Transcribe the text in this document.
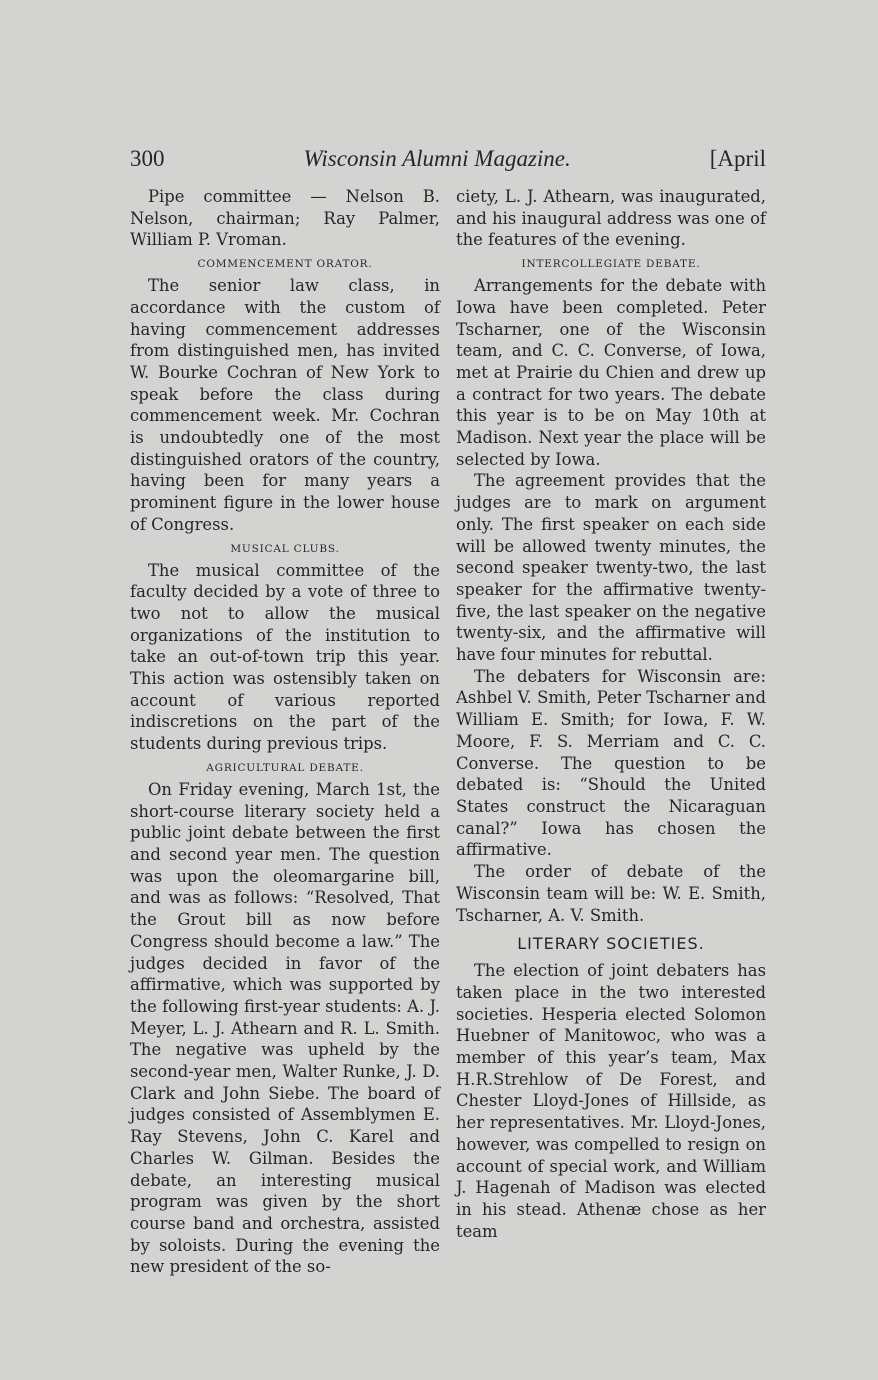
300	Wisconsin Alumni Magazine.	[April

Pipe committee — Nelson B. Nelson, chairman; Ray Palmer, William P. Vroman.

COMMENCEMENT ORATOR.

The senior law class, in accordance with the custom of having commencement addresses from distinguished men, has invited W. Bourke Cochran of New York to speak before the class during commencement week. Mr. Cochran is undoubtedly one of the most distinguished orators of the country, having been for many years a prominent figure in the lower house of Congress.

MUSICAL CLUBS.

The musical committee of the faculty decided by a vote of three to two not to allow the musical organizations of the institution to take an out-of-town trip this year. This action was ostensibly taken on account of various reported indiscretions on the part of the students during previous trips.

AGRICULTURAL DEBATE.

On Friday evening, March 1st, the short-course literary society held a public joint debate between the first and second year men. The question was upon the oleomargarine bill, and was as follows: “Resolved, That the Grout bill as now before Congress should become a law.” The judges decided in favor of the affirmative, which was supported by the following first-year students: A. J. Meyer, L. J. Athearn and R. L. Smith. The negative was upheld by the second-year men, Walter Runke, J. D. Clark and John Siebe. The board of judges consisted of Assemblymen E. Ray Stevens, John C. Karel and Charles W. Gilman. Besides the debate, an interesting musical program was given by the short course band and orchestra, assisted by soloists. During the evening the new president of the so-

ciety, L. J. Athearn, was inaugurated, and his inaugural address was one of the features of the evening.

INTERCOLLEGIATE DEBATE.

Arrangements for the debate with Iowa have been completed. Peter Tscharner, one of the Wisconsin team, and C. C. Converse, of Iowa, met at Prairie du Chien and drew up a contract for two years. The debate this year is to be on May 10th at Madison. Next year the place will be selected by Iowa.

The agreement provides that the judges are to mark on argument only. The first speaker on each side will be allowed twenty minutes, the second speaker twenty-two, the last speaker for the affirmative twenty-five, the last speaker on the negative twenty-six, and the affirmative will have four minutes for rebuttal.

The debaters for Wisconsin are: Ashbel V. Smith, Peter Tscharner and William E. Smith; for Iowa, F. W. Moore, F. S. Merriam and C. C. Converse. The question to be debated is: “Should the United States construct the Nicaraguan canal?” Iowa has chosen the affirmative.

The order of debate of the Wisconsin team will be: W. E. Smith, Tscharner, A. V. Smith.

LITERARY SOCIETIES.

The election of joint debaters has taken place in the two interested societies. Hesperia elected Solomon Huebner of Manitowoc, who was a member of this year’s team, Max H.R.Strehlow of De Forest, and Chester Lloyd-Jones of Hillside, as her representatives. Mr. Lloyd-Jones, however, was compelled to resign on account of special work, and William J. Hagenah of Madison was elected in his stead. Athenæ chose as her team
